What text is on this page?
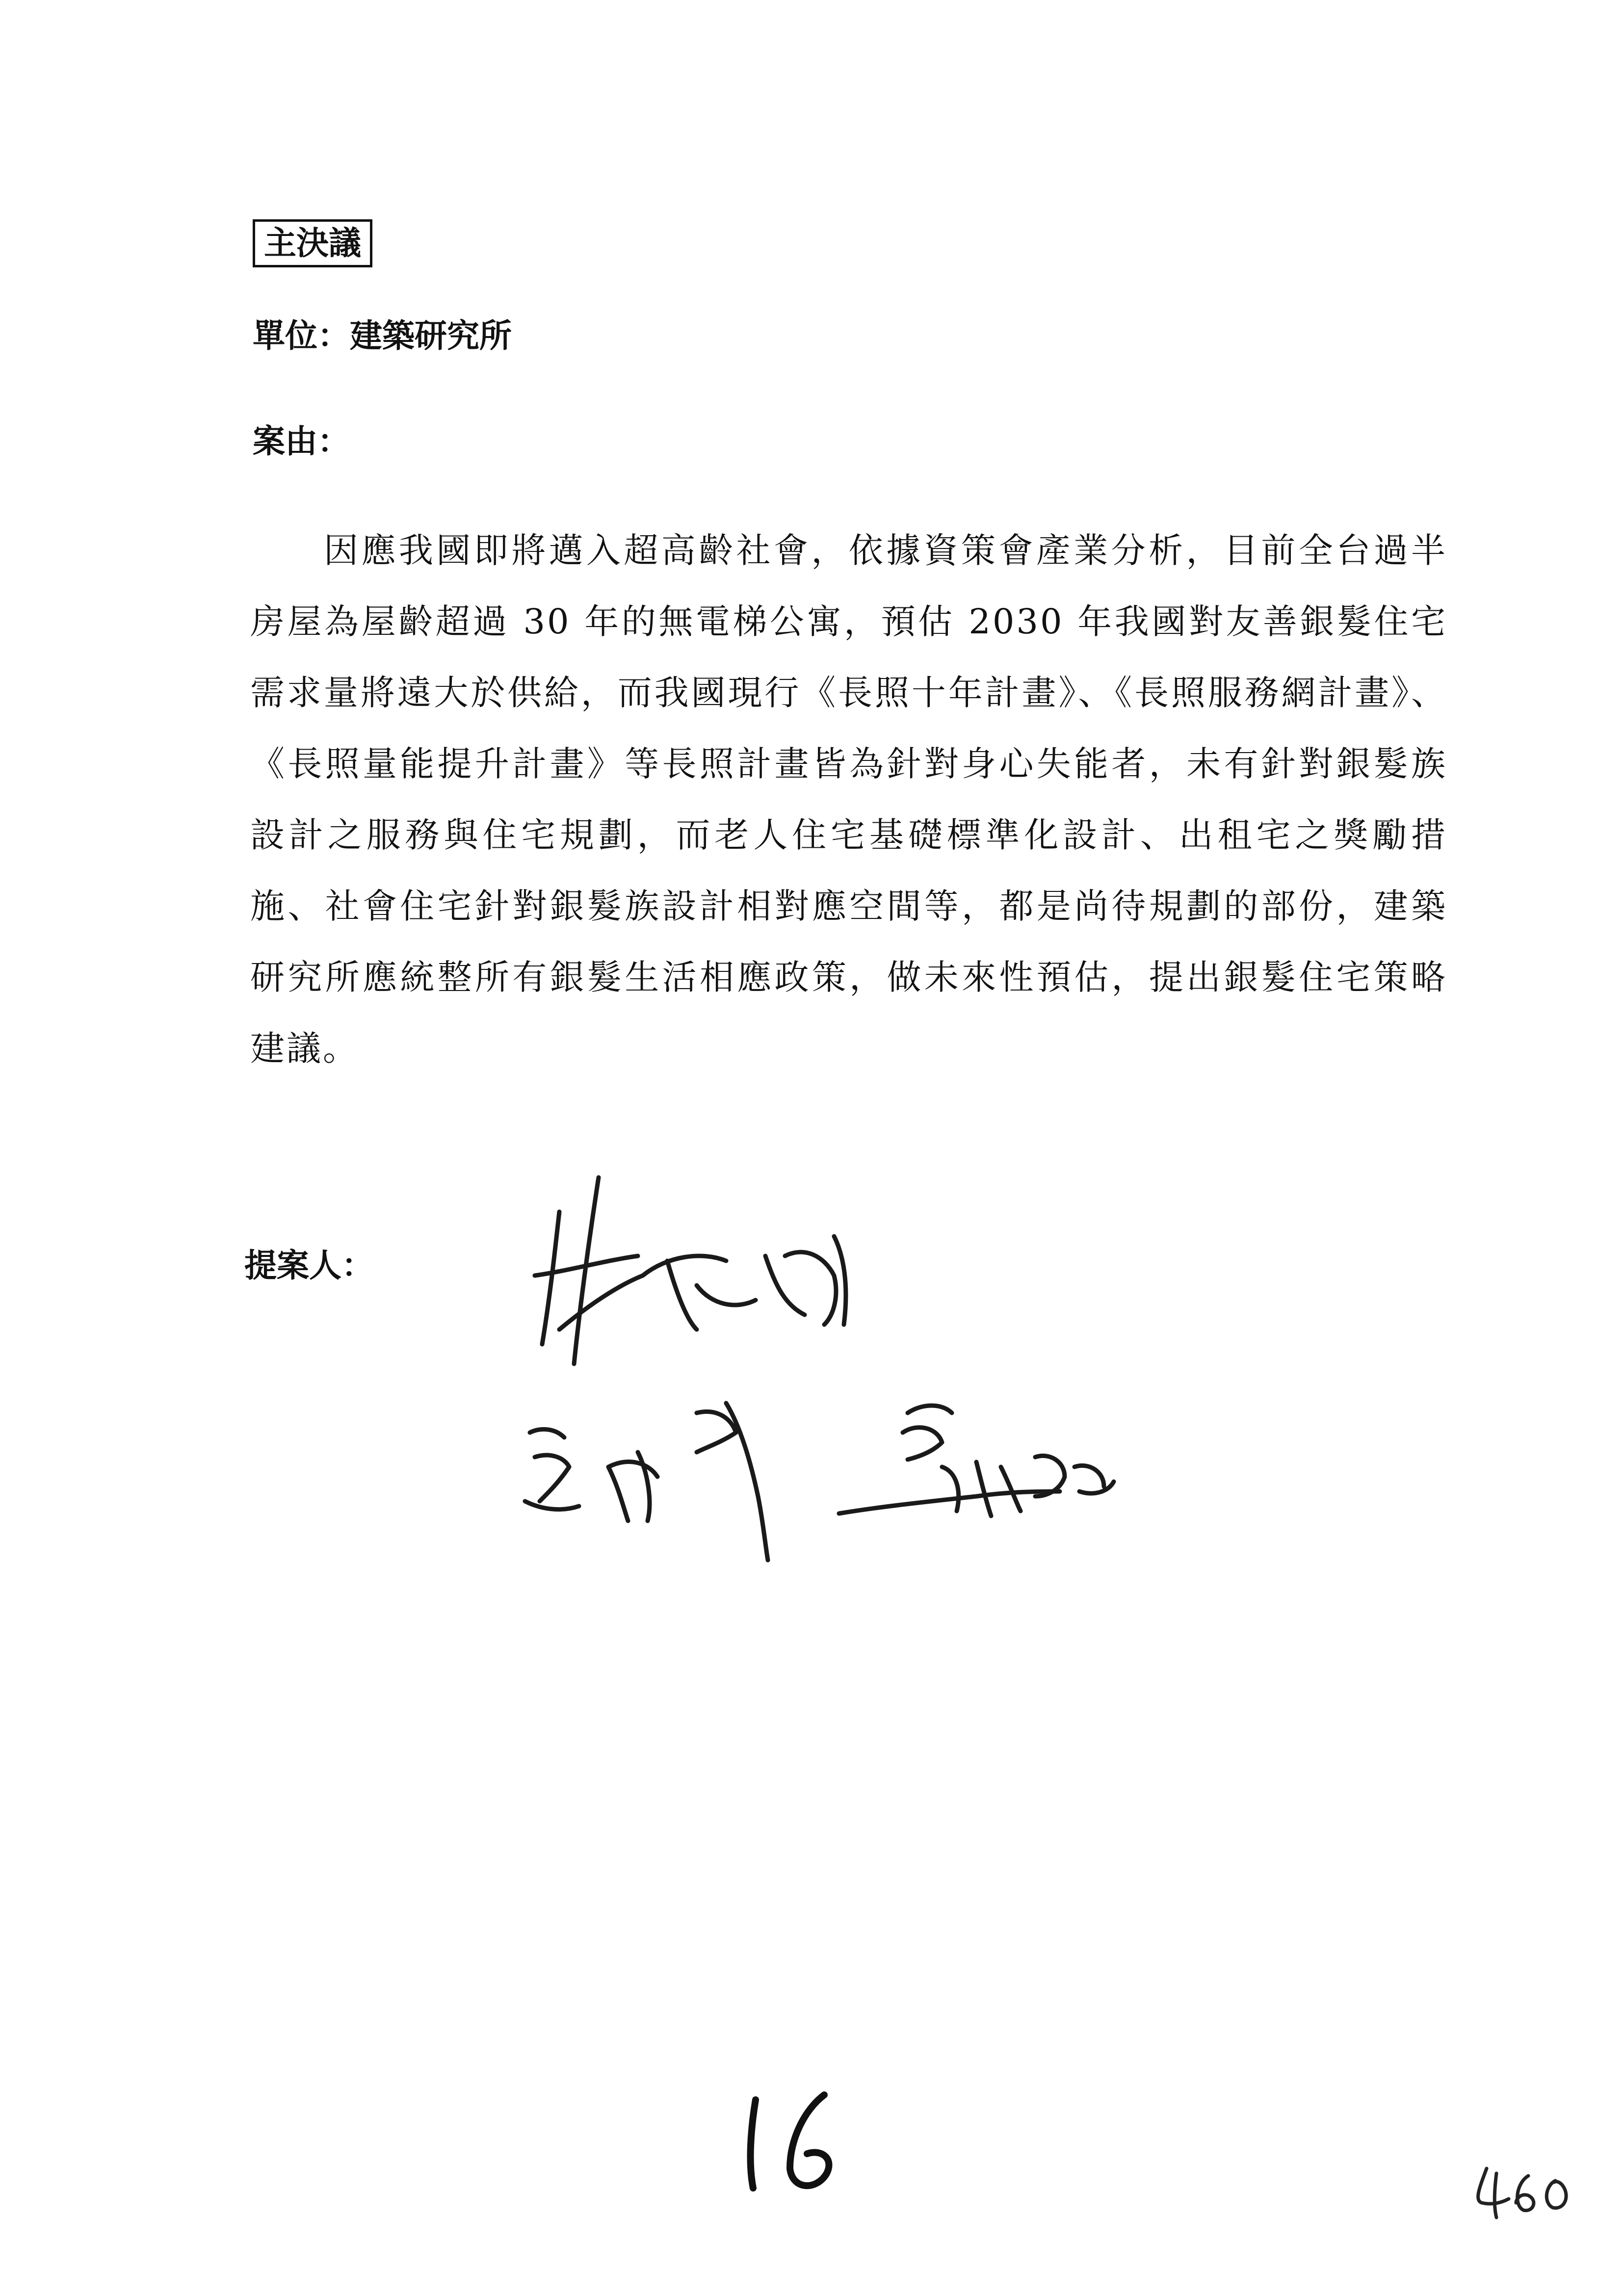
主決議
單位：建築研究所
案由：

因應我國即將邁入超高齡社會，依據資策會產業分析，目前全台過半房屋為屋齡超過 30 年的無電梯公寓，預估 2030 年我國對友善銀髮住宅需求量將遠大於供給，而我國現行《長照十年計畫》、《長照服務網計畫》、《長照量能提升計畫》等長照計畫皆為針對身心失能者，未有針對銀髮族設計之服務與住宅規劃，而老人住宅基礎標準化設計、出租宅之獎勵措施、社會住宅針對銀髮族設計相對應空間等，都是尚待規劃的部份，建築研究所應統整所有銀髮生活相應政策，做未來性預估，提出銀髮住宅策略建議。

提案人：
